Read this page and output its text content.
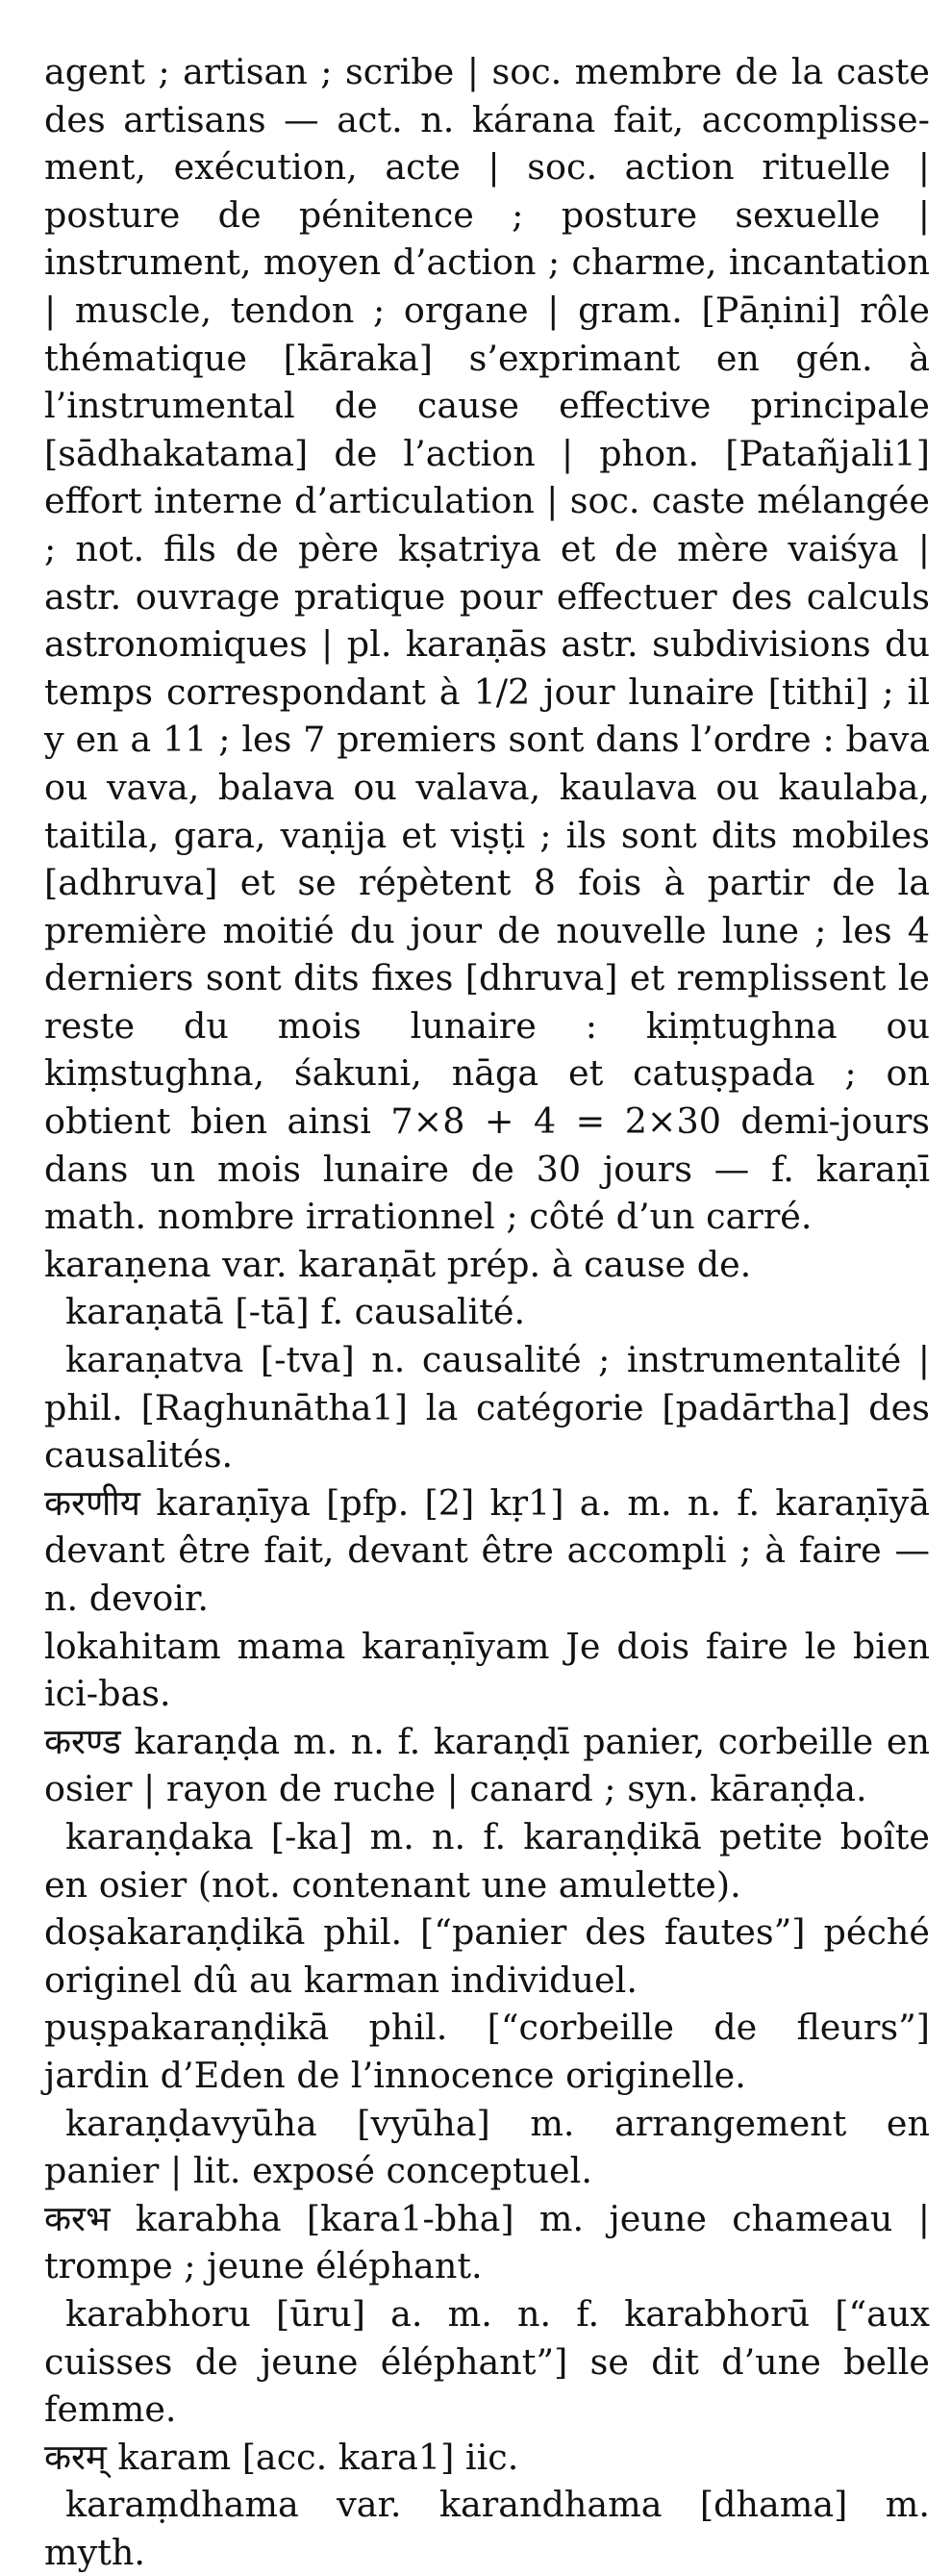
agent ; artisan ; scribe | soc. membre de la caste des artisans — act. n. kárana fait, accomplissement, exécution, acte | soc. action rituelle | posture de pénitence ; posture sexuelle | instrument, moyen d’action ; charme, incantation | muscle, tendon ; organe | gram. [Pāṇini] rôle thématique [kāraka] s’exprimant en gén. à l’instrumental de cause effective principale [sādhakatama] de l’action | phon. [Patañjali1] effort interne d’articulation | soc. caste mélangée ; not. fils de père kṣatriya et de mère vaiśya | astr. ouvrage pratique pour effectuer des calculs astronomiques | pl. karaṇās astr. subdivisions du temps correspondant à 1/2 jour lunaire [tithi] ; il y en a 11 ; les 7 premiers sont dans l’ordre : bava ou vava, balava ou valava, kaulava ou kaulaba, taitila, gara, vaṇija et viṣṭi ; ils sont dits mobiles [adhruva] et se répètent 8 fois à partir de la première moitié du jour de nouvelle lune ; les 4 derniers sont dits fixes [dhruva] et remplissent le reste du mois lunaire : kiṃtughna ou kiṃstughna, śakuni, nāga et catuṣpada ; on obtient bien ainsi 7×8 + 4 = 2×30 demi-jours dans un mois lunaire de 30 jours — f. karaṇī math. nombre irrationnel ; côté d’un carré.

karaṇena var. karaṇāt prép. à cause de.

karaṇatā [-tā] f. causalité.

karaṇatva [-tva] n. causalité ; instrumentalité | phil. [Raghunātha1] la catégorie [padārtha] des causalités.

करणीय karaṇīya [pfp. [2] kṛ1] a. m. n. f. karaṇīyā devant être fait, devant être accompli ; à faire — n. devoir.

lokahitam mama karaṇīyam Je dois faire le bien ici-bas.

करण्ड karaṇḍa m. n. f. karaṇḍī panier, corbeille en osier | rayon de ruche | canard ; syn. kāraṇḍa.

karaṇḍaka [-ka] m. n. f. karaṇḍikā petite boîte en osier (not. contenant une amulette).

doṣakaraṇḍikā phil. [“panier des fautes”] péché originel dû au karman individuel.

puṣpakaraṇḍikā phil. [“corbeille de fleurs”] jardin d’Eden de l’innocence originelle.

karaṇḍavyūha [vyūha] m. arrangement en panier | lit. exposé conceptuel.

करभ karabha [kara1-bha] m. jeune chameau | trompe ; jeune éléphant.

karabhoru [ūru] a. m. n. f. karabhorū [“aux cuisses de jeune éléphant”] se dit d’une belle femme.

करम् karam [acc. kara1] iic.

karaṃdhama var. karandhama [dhama] m. myth.
